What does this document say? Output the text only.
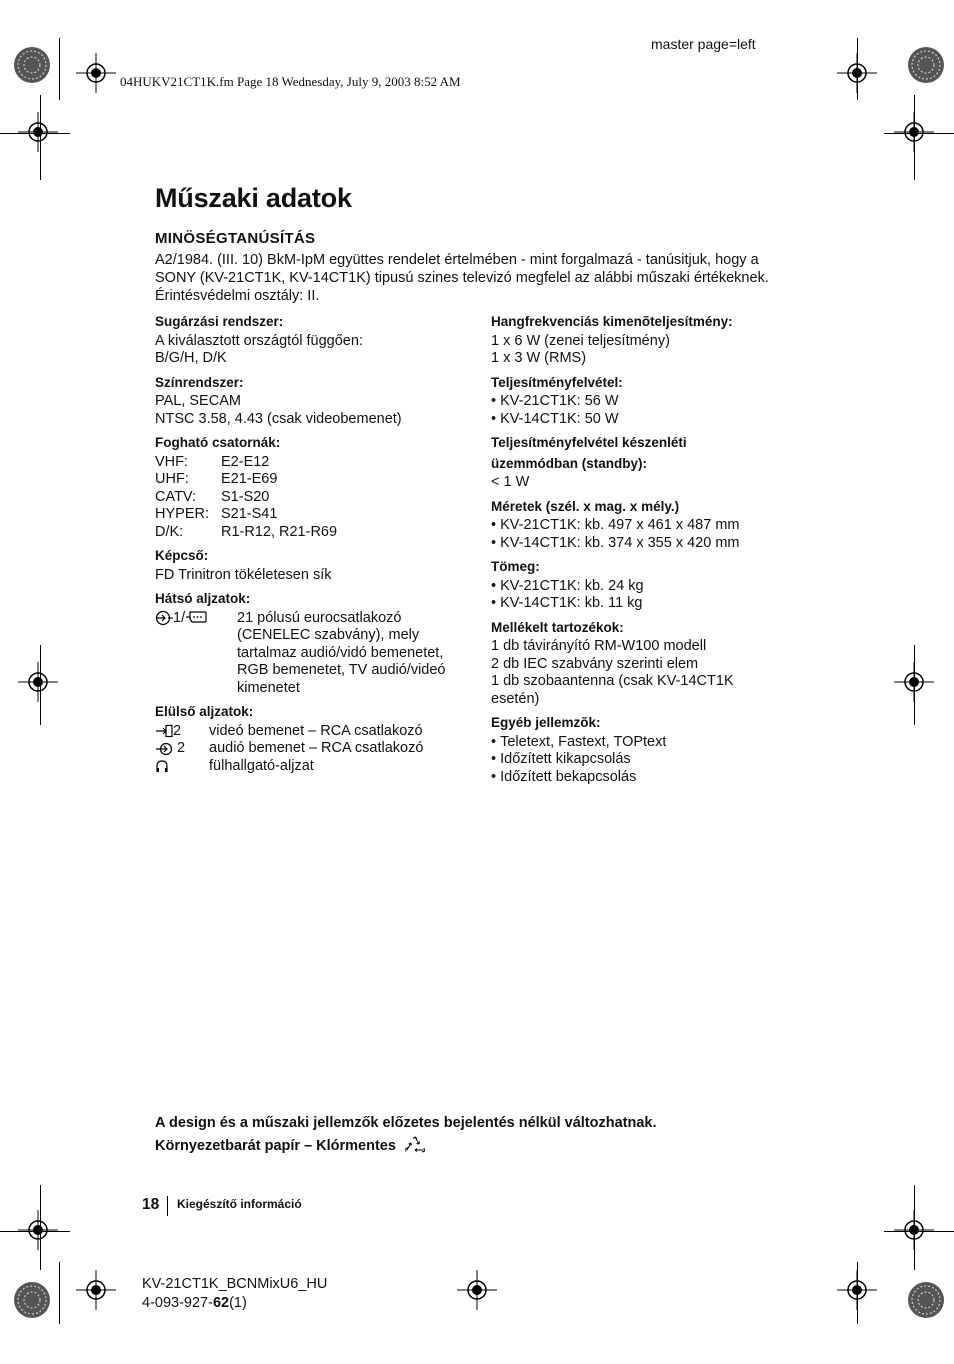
master page=left
04HUKV21CT1K.fm Page 18 Wednesday, July 9, 2003 8:52 AM
Műszaki adatok
MINÖSÉGTANÚSÍTÁS
A2/1984. (III. 10) BkM-IpM együttes rendelet értelmében - mint forgalmazá - tanúsitjuk, hogy a
SONY (KV-21CT1K, KV-14CT1K) tipusú szines televizó megfelel az alábbi műszaki értékeknek.
Érintésvédelmi osztály: II.
Sugárzási rendszer:
A kiválasztott országtól függően:
B/G/H, D/K
Színrendszer:
PAL, SECAM
NTSC 3.58, 4.43 (csak videobemenet)
Fogható csatornák:
VHF:	E2-E12
UHF:	E21-E69
CATV:	S1-S20
HYPER: S21-S41
D/K:	R1-R12, R21-R69
Képcső:
FD Trinitron tökéletesen sík
Hátsó aljzatok:
1/	21 pólusú eurocsatlakozó
(CENELEC szabvány), mely
tartalmaz audió/vidó bemenetet,
RGB bemenetet, TV audió/videó
kimenetet
Elülső aljzatok:
2 videó bemenet – RCA csatlakozó

2 audió bemenet – RCA csatlakozó
fülhallgató-aljzat
Hangfrekvenciás kimenõteljesítmény:
1 x 6 W (zenei teljesítmény)
1 x 3 W (RMS)
Teljesítményfelvétel:
• KV-21CT1K: 56 W
• KV-14CT1K: 50 W
Teljesítményfelvétel készenléti
üzemmódban (standby):
< 1 W
Méretek (szél. x mag. x mély.)
• KV-21CT1K: kb. 497 x 461 x 487 mm
• KV-14CT1K: kb. 374 x 355 x 420 mm
Tömeg:
• KV-21CT1K: kb. 24 kg
• KV-14CT1K: kb. 11 kg
Mellékelt tartozékok:
1 db távirányító RM-W100 modell
2 db IEC szabvány szerinti elem
1 db szobaantenna (csak KV-14CT1K
esetén)
Egyéb jellemzõk:
• Teletext, Fastext, TOPtext
• Időzített kikapcsolás
• Időzített bekapcsolás
A design és a műszaki jellemzők előzetes bejelentés nélkül változhatnak.
Környezetbarát papír – Klórmentes
18 Kiegészítő információ
KV-21CT1K_BCNMixU6_HU
4-093-927-62(1)
